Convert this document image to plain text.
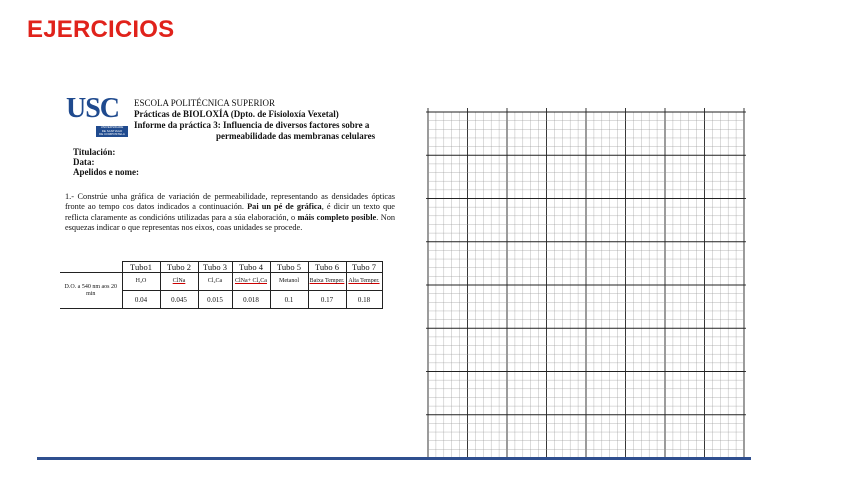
EJERCICIOS
USC
UNIVERSIDADE
DE SANTIAGO
DE COMPOSTELA
ESCOLA POLITÉCNICA SUPERIOR
Prácticas de BIOLOXÍA (Dpto. de Fisioloxía Vexetal)
Informe da práctica 3: Influencia de diversos factores sobre a
permeabilidade das membranas celulares
Titulación:
Data:
Apelidos e nome:
1.- Constrúe unha gráfica de variación de permeabilidade, representando as densidades ópticas fronte ao tempo cos datos indicados a continuación. Pai un pé de gráfica, é dicir un texto que reflicta claramente as condicións utilizadas para a súa elaboración, o máis completo posible. Non esquezas indicar o que representas nos eixos, coas unidades se procede.
	Tubo1	Tubo 2	Tubo 3	Tubo 4	Tubo 5	Tubo 6	Tubo 7
D.O. a 540 nm aos 20 min	H₂O	ClNa	Cl₂Ca	ClNa+ Cl₂Ca	Metanol	Baixa Temper.	Alta Temper.
	0.04	0.045	0.015	0.018	0.1	0.17	0.18
